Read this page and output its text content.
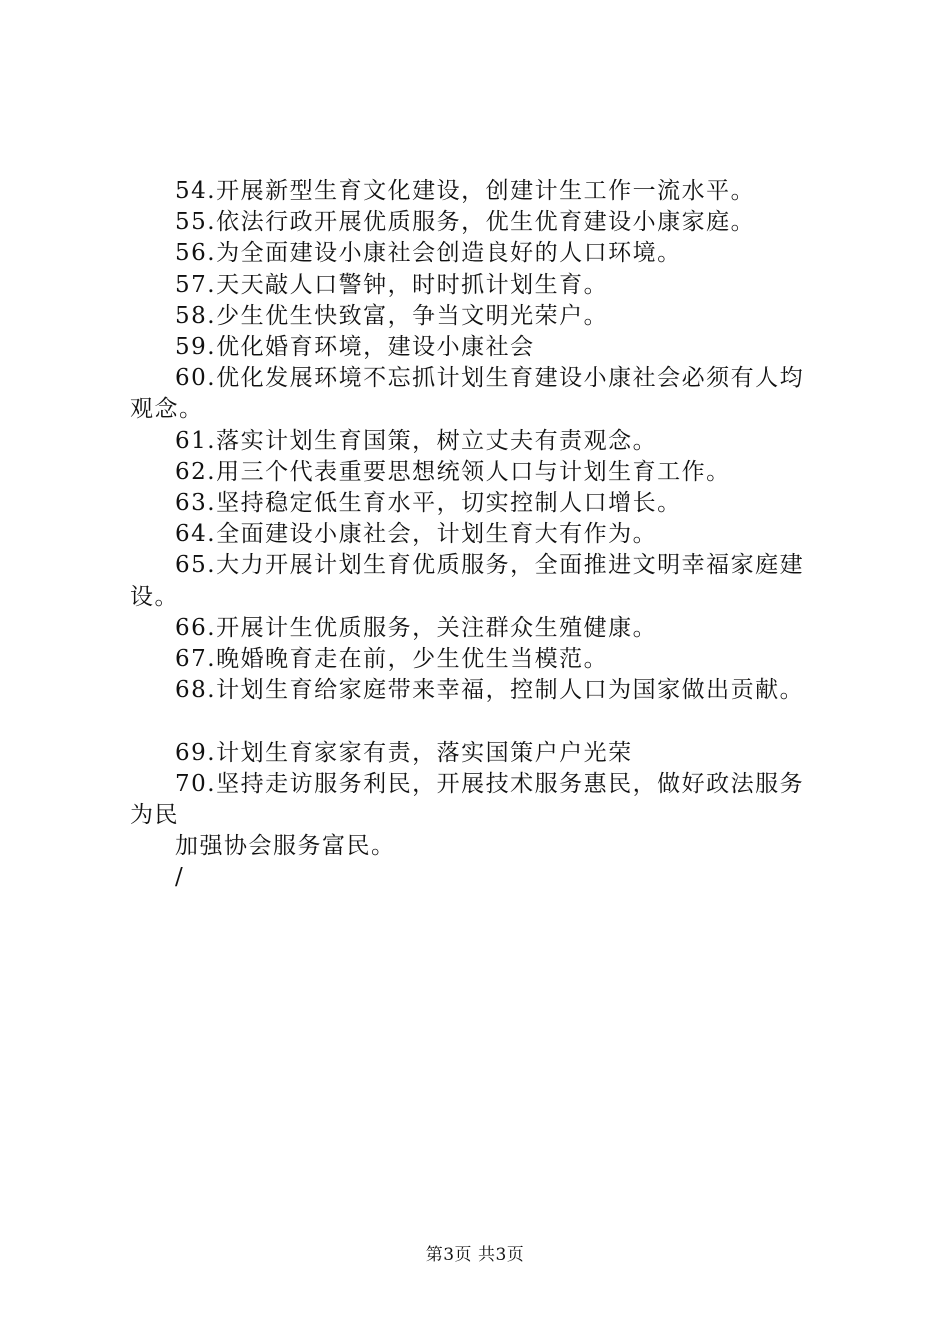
54.开展新型生育文化建设，创建计生工作一流水平。
55.依法行政开展优质服务，优生优育建设小康家庭。
56.为全面建设小康社会创造良好的人口环境。
57.天天敲人口警钟，时时抓计划生育。
58.少生优生快致富，争当文明光荣户。
59.优化婚育环境，建设小康社会
60.优化发展环境不忘抓计划生育建设小康社会必须有人均
观念。
61.落实计划生育国策，树立丈夫有责观念。
62.用三个代表重要思想统领人口与计划生育工作。
63.坚持稳定低生育水平，切实控制人口增长。
64.全面建设小康社会，计划生育大有作为。
65.大力开展计划生育优质服务，全面推进文明幸福家庭建
设。
66.开展计生优质服务，关注群众生殖健康。
67.晚婚晚育走在前，少生优生当模范。
68.计划生育给家庭带来幸福，控制人口为国家做出贡献。
69.计划生育家家有责，落实国策户户光荣
70.坚持走访服务利民，开展技术服务惠民，做好政法服务
为民
加强协会服务富民。
/
第3页 共3页
